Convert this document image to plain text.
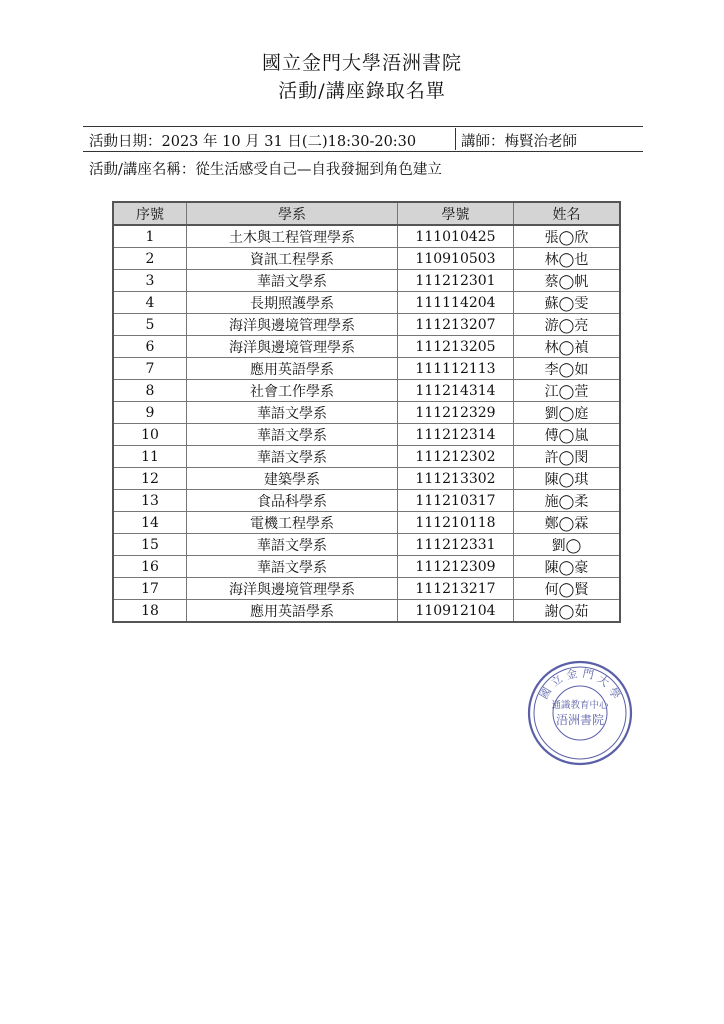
國立金門大學浯洲書院
活動/講座錄取名單
活動日期：2023 年 10 月 31 日(二)18:30-20:30	講師：梅賢治老師
活動/講座名稱：從生活感受自己—自我發掘到角色建立
序號	學系	學號	姓名
1	土木與工程管理學系	111010425	張◯欣
2	資訊工程學系	110910503	林◯也
3	華語文學系	111212301	蔡◯帆
4	長期照護學系	111114204	蘇◯雯
5	海洋與邊境管理學系	111213207	游◯亮
6	海洋與邊境管理學系	111213205	林◯禎
7	應用英語學系	111112113	李◯如
8	社會工作學系	111214314	江◯萱
9	華語文學系	111212329	劉◯庭
10	華語文學系	111212314	傅◯嵐
11	華語文學系	111212302	許◯閔
12	建築學系	111213302	陳◯琪
13	食品科學系	111210317	施◯柔
14	電機工程學系	111210118	鄭◯霖
15	華語文學系	111212331	劉◯
16	華語文學系	111212309	陳◯豪
17	海洋與邊境管理學系	111213217	何◯賢
18	應用英語學系	110912104	謝◯茹
通識教育中心
浯洲書院
國
立 金 門 大
學
